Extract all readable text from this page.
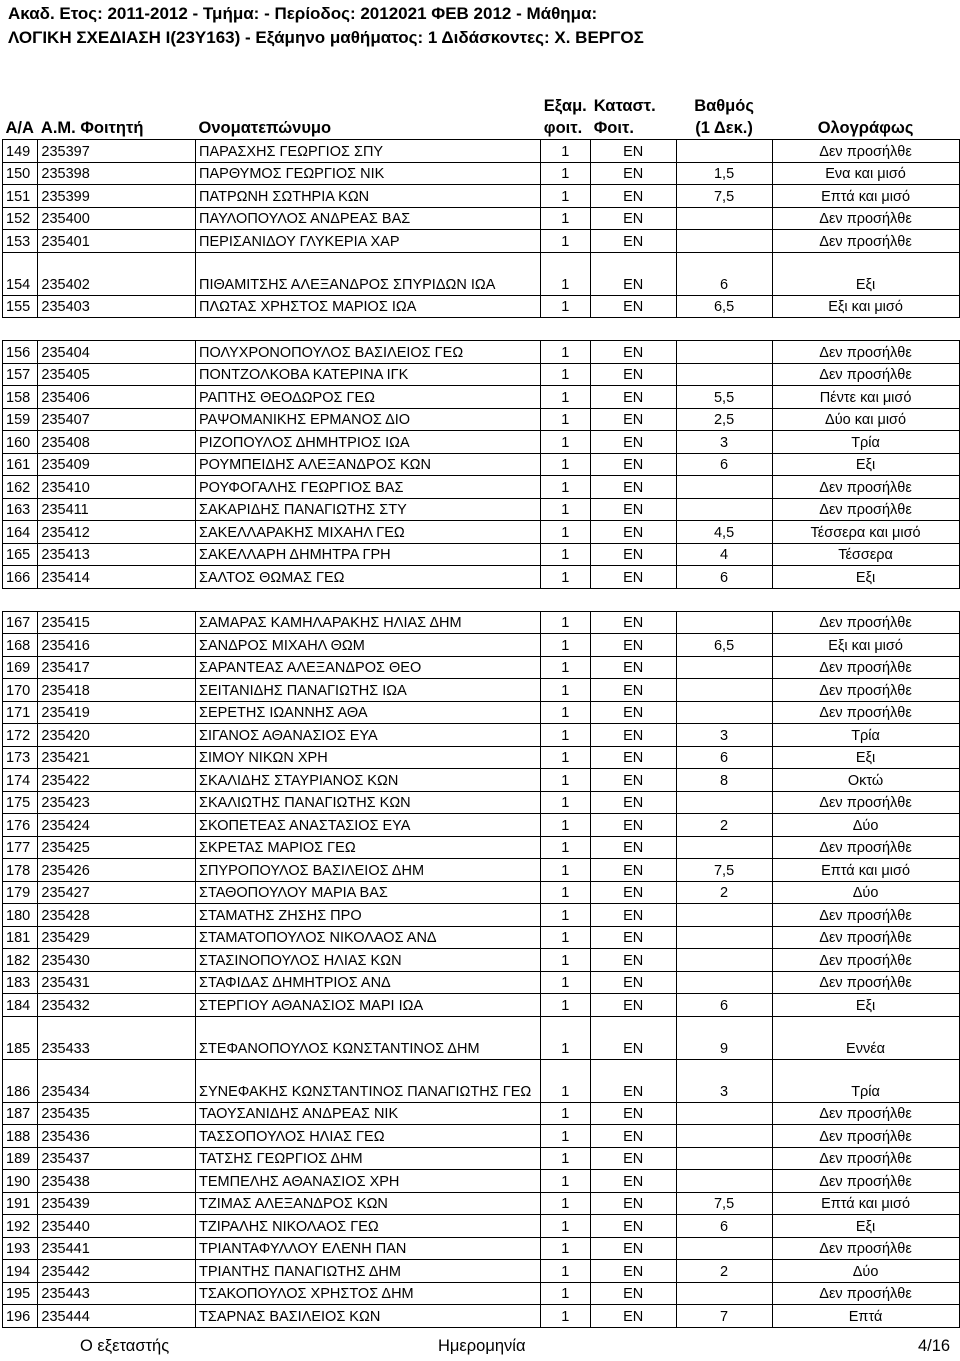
Ακαδ. Ετος: 2011-2012 - Τμήμα: - Περίοδος: 2012021 ΦΕΒ 2012 - Μάθημα:
ΛΟΓΙΚΗ ΣΧΕΔΙΑΣΗ Ι(23Υ163) - Εξάμηνο μαθήματος: 1 Διδάσκοντες: Χ. ΒΕΡΓΟΣ
			Εξαμ.	Καταστ.	Βαθμός	
Α/Α	Α.Μ. Φοιτητή	Ονοματεπώνυμο	φοιτ.	Φοιτ.	(1 Δεκ.)	Ολογράφως
149	235397	ΠΑΡΑΣΧΗΣ ΓΕΩΡΓΙΟΣ ΣΠΥ	1	ΕΝ		Δεν προσήλθε
150	235398	ΠΑΡΘΥΜΟΣ ΓΕΩΡΓΙΟΣ ΝΙΚ	1	ΕΝ	1,5	Ενα και μισό
151	235399	ΠΑΤΡΩΝΗ ΣΩΤΗΡΙΑ ΚΩΝ	1	ΕΝ	7,5	Επτά και μισό
152	235400	ΠΑΥΛΟΠΟΥΛΟΣ ΑΝΔΡΕΑΣ ΒΑΣ	1	ΕΝ		Δεν προσήλθε
153	235401	ΠΕΡΙΣΑΝΙΔΟΥ ΓΛΥΚΕΡΙΑ ΧΑΡ	1	ΕΝ		Δεν προσήλθε
154	235402	ΠΙΘΑΜΙΤΣΗΣ ΑΛΕΞΑΝΔΡΟΣ ΣΠΥΡΙΔΩΝ ΙΩΑ	1	ΕΝ	6	Εξι
155	235403	ΠΛΩΤΑΣ ΧΡΗΣΤΟΣ ΜΑΡΙΟΣ ΙΩΑ	1	ΕΝ	6,5	Εξι και μισό

156	235404	ΠΟΛΥΧΡΟΝΟΠΟΥΛΟΣ ΒΑΣΙΛΕΙΟΣ ΓΕΩ	1	ΕΝ		Δεν προσήλθε
157	235405	ΠΟΝΤΖΟΛΚΟΒΑ ΚΑΤΕΡΙΝΑ ΙΓΚ	1	ΕΝ		Δεν προσήλθε
158	235406	ΡΑΠΤΗΣ ΘΕΟΔΩΡΟΣ ΓΕΩ	1	ΕΝ	5,5	Πέντε και μισό
159	235407	ΡΑΨΟΜΑΝΙΚΗΣ ΕΡΜΑΝΟΣ ΔΙΟ	1	ΕΝ	2,5	Δύο και μισό
160	235408	ΡΙΖΟΠΟΥΛΟΣ ΔΗΜΗΤΡΙΟΣ ΙΩΑ	1	ΕΝ	3	Τρία
161	235409	ΡΟΥΜΠΕΙΔΗΣ ΑΛΕΞΑΝΔΡΟΣ ΚΩΝ	1	ΕΝ	6	Εξι
162	235410	ΡΟΥΦΟΓΑΛΗΣ ΓΕΩΡΓΙΟΣ ΒΑΣ	1	ΕΝ		Δεν προσήλθε
163	235411	ΣΑΚΑΡΙΔΗΣ ΠΑΝΑΓΙΩΤΗΣ ΣΤΥ	1	ΕΝ		Δεν προσήλθε
164	235412	ΣΑΚΕΛΛΑΡΑΚΗΣ ΜΙΧΑΗΛ ΓΕΩ	1	ΕΝ	4,5	Τέσσερα και μισό
165	235413	ΣΑΚΕΛΛΑΡΗ ΔΗΜΗΤΡΑ ΓΡΗ	1	ΕΝ	4	Τέσσερα
166	235414	ΣΑΛΤΟΣ ΘΩΜΑΣ ΓΕΩ	1	ΕΝ	6	Εξι

167	235415	ΣΑΜΑΡΑΣ ΚΑΜΗΛΑΡΑΚΗΣ ΗΛΙΑΣ ΔΗΜ	1	ΕΝ		Δεν προσήλθε
168	235416	ΣΑΝΔΡΟΣ ΜΙΧΑΗΛ ΘΩΜ	1	ΕΝ	6,5	Εξι και μισό
169	235417	ΣΑΡΑΝΤΕΑΣ ΑΛΕΞΑΝΔΡΟΣ ΘΕΟ	1	ΕΝ		Δεν προσήλθε
170	235418	ΣΕΙΤΑΝΙΔΗΣ ΠΑΝΑΓΙΩΤΗΣ ΙΩΑ	1	ΕΝ		Δεν προσήλθε
171	235419	ΣΕΡΕΤΗΣ ΙΩΑΝΝΗΣ ΑΘΑ	1	ΕΝ		Δεν προσήλθε
172	235420	ΣΙΓΑΝΟΣ ΑΘΑΝΑΣΙΟΣ ΕΥΑ	1	ΕΝ	3	Τρία
173	235421	ΣΙΜΟΥ ΝΙΚΩΝ ΧΡΗ	1	ΕΝ	6	Εξι
174	235422	ΣΚΑΛΙΔΗΣ ΣΤΑΥΡΙΑΝΟΣ ΚΩΝ	1	ΕΝ	8	Οκτώ
175	235423	ΣΚΑΛΙΩΤΗΣ ΠΑΝΑΓΙΩΤΗΣ ΚΩΝ	1	ΕΝ		Δεν προσήλθε
176	235424	ΣΚΟΠΕΤΕΑΣ ΑΝΑΣΤΑΣΙΟΣ ΕΥΑ	1	ΕΝ	2	Δύο
177	235425	ΣΚΡΕΤΑΣ ΜΑΡΙΟΣ ΓΕΩ	1	ΕΝ		Δεν προσήλθε
178	235426	ΣΠΥΡΟΠΟΥΛΟΣ ΒΑΣΙΛΕΙΟΣ ΔΗΜ	1	ΕΝ	7,5	Επτά και μισό
179	235427	ΣΤΑΘΟΠΟΥΛΟΥ ΜΑΡΙΑ ΒΑΣ	1	ΕΝ	2	Δύο
180	235428	ΣΤΑΜΑΤΗΣ ΖΗΣΗΣ ΠΡΟ	1	ΕΝ		Δεν προσήλθε
181	235429	ΣΤΑΜΑΤΟΠΟΥΛΟΣ ΝΙΚΟΛΑΟΣ ΑΝΔ	1	ΕΝ		Δεν προσήλθε
182	235430	ΣΤΑΣΙΝΟΠΟΥΛΟΣ ΗΛΙΑΣ ΚΩΝ	1	ΕΝ		Δεν προσήλθε
183	235431	ΣΤΑΦΙΔΑΣ ΔΗΜΗΤΡΙΟΣ ΑΝΔ	1	ΕΝ		Δεν προσήλθε
184	235432	ΣΤΕΡΓΙΟΥ ΑΘΑΝΑΣΙΟΣ ΜΑΡΙ ΙΩΑ	1	ΕΝ	6	Εξι
185	235433	ΣΤΕΦΑΝΟΠΟΥΛΟΣ ΚΩΝΣΤΑΝΤΙΝΟΣ ΔΗΜ	1	ΕΝ	9	Εννέα
186	235434	ΣΥΝΕΦΑΚΗΣ ΚΩΝΣΤΑΝΤΙΝΟΣ ΠΑΝΑΓΙΩΤΗΣ ΓΕΩ	1	ΕΝ	3	Τρία
187	235435	ΤΑΟΥΣΑΝΙΔΗΣ ΑΝΔΡΕΑΣ ΝΙΚ	1	ΕΝ		Δεν προσήλθε
188	235436	ΤΑΣΣΟΠΟΥΛΟΣ ΗΛΙΑΣ ΓΕΩ	1	ΕΝ		Δεν προσήλθε
189	235437	ΤΑΤΣΗΣ ΓΕΩΡΓΙΟΣ ΔΗΜ	1	ΕΝ		Δεν προσήλθε
190	235438	ΤΕΜΠΕΛΗΣ ΑΘΑΝΑΣΙΟΣ ΧΡΗ	1	ΕΝ		Δεν προσήλθε
191	235439	ΤΖΙΜΑΣ ΑΛΕΞΑΝΔΡΟΣ ΚΩΝ	1	ΕΝ	7,5	Επτά και μισό
192	235440	ΤΖΙΡΑΛΗΣ ΝΙΚΟΛΑΟΣ ΓΕΩ	1	ΕΝ	6	Εξι
193	235441	ΤΡΙΑΝΤΑΦΥΛΛΟΥ ΕΛΕΝΗ ΠΑΝ	1	ΕΝ		Δεν προσήλθε
194	235442	ΤΡΙΑΝΤΗΣ ΠΑΝΑΓΙΩΤΗΣ ΔΗΜ	1	ΕΝ	2	Δύο
195	235443	ΤΣΑΚΟΠΟΥΛΟΣ ΧΡΗΣΤΟΣ ΔΗΜ	1	ΕΝ		Δεν προσήλθε
196	235444	ΤΣΑΡΝΑΣ ΒΑΣΙΛΕΙΟΣ ΚΩΝ	1	ΕΝ	7	Επτά
Ο εξεταστής	Ημερομηνία	4/16
